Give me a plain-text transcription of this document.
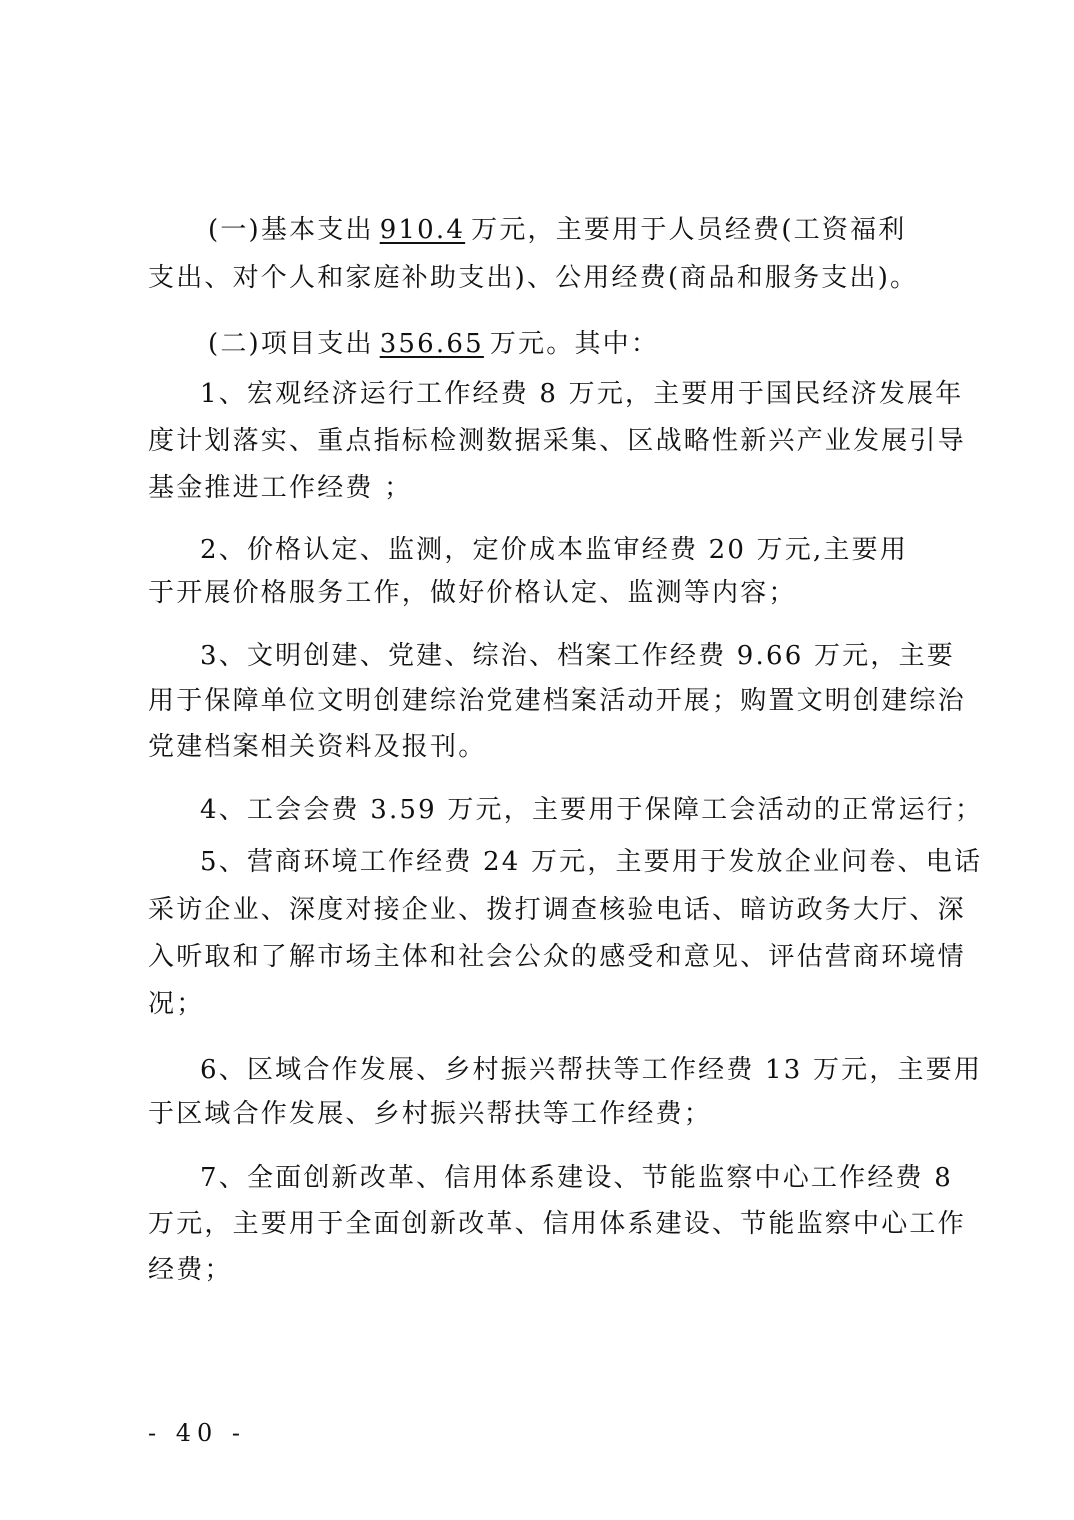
(一)基本支出910.4万元，主要用于人员经费(工资福利
支出、对个人和家庭补助支出)、公用经费(商品和服务支出)。
(二)项目支出356.65万元。其中：
1、宏观经济运行工作经费 8 万元，主要用于国民经济发展年
度计划落实、重点指标检测数据采集、区战略性新兴产业发展引导
基金推进工作经费 ；
2、价格认定、监测，定价成本监审经费 20 万元,主要用
于开展价格服务工作，做好价格认定、监测等内容；
3、文明创建、党建、综治、档案工作经费 9.66 万元，主要
用于保障单位文明创建综治党建档案活动开展；购置文明创建综治
党建档案相关资料及报刊。
4、工会会费 3.59 万元，主要用于保障工会活动的正常运行；
5、营商环境工作经费 24 万元，主要用于发放企业问卷、电话
采访企业、深度对接企业、拨打调查核验电话、暗访政务大厅、深
入听取和了解市场主体和社会公众的感受和意见、评估营商环境情
况；
6、区域合作发展、乡村振兴帮扶等工作经费 13 万元，主要用
于区域合作发展、乡村振兴帮扶等工作经费；
7、全面创新改革、信用体系建设、节能监察中心工作经费 8
万元，主要用于全面创新改革、信用体系建设、节能监察中心工作
经费；
- 40 -
